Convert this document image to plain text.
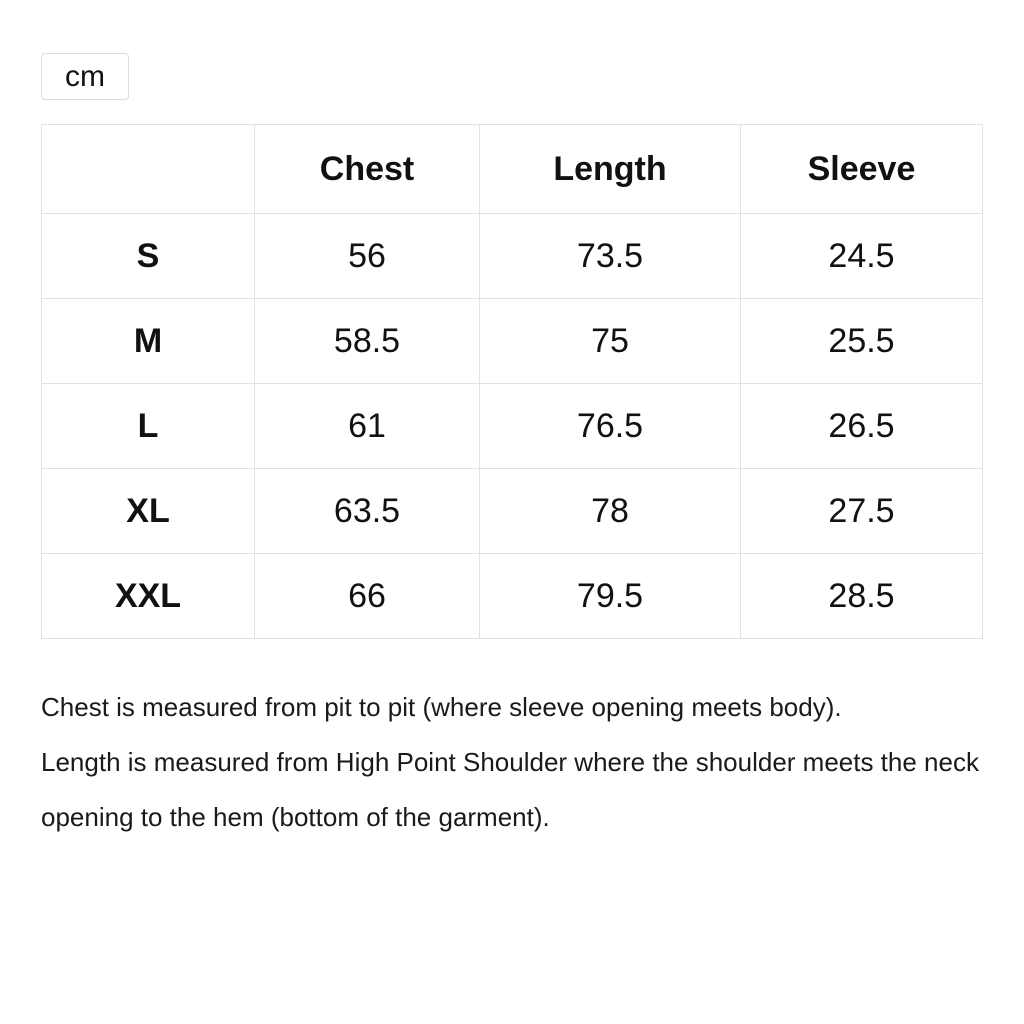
cm
	Chest	Length	Sleeve
S	56	73.5	24.5
M	58.5	75	25.5
L	61	76.5	26.5
XL	63.5	78	27.5
XXL	66	79.5	28.5

Chest is measured from pit to pit (where sleeve opening meets body).

Length is measured from High Point Shoulder where the shoulder meets the neck opening to the hem (bottom of the garment).
